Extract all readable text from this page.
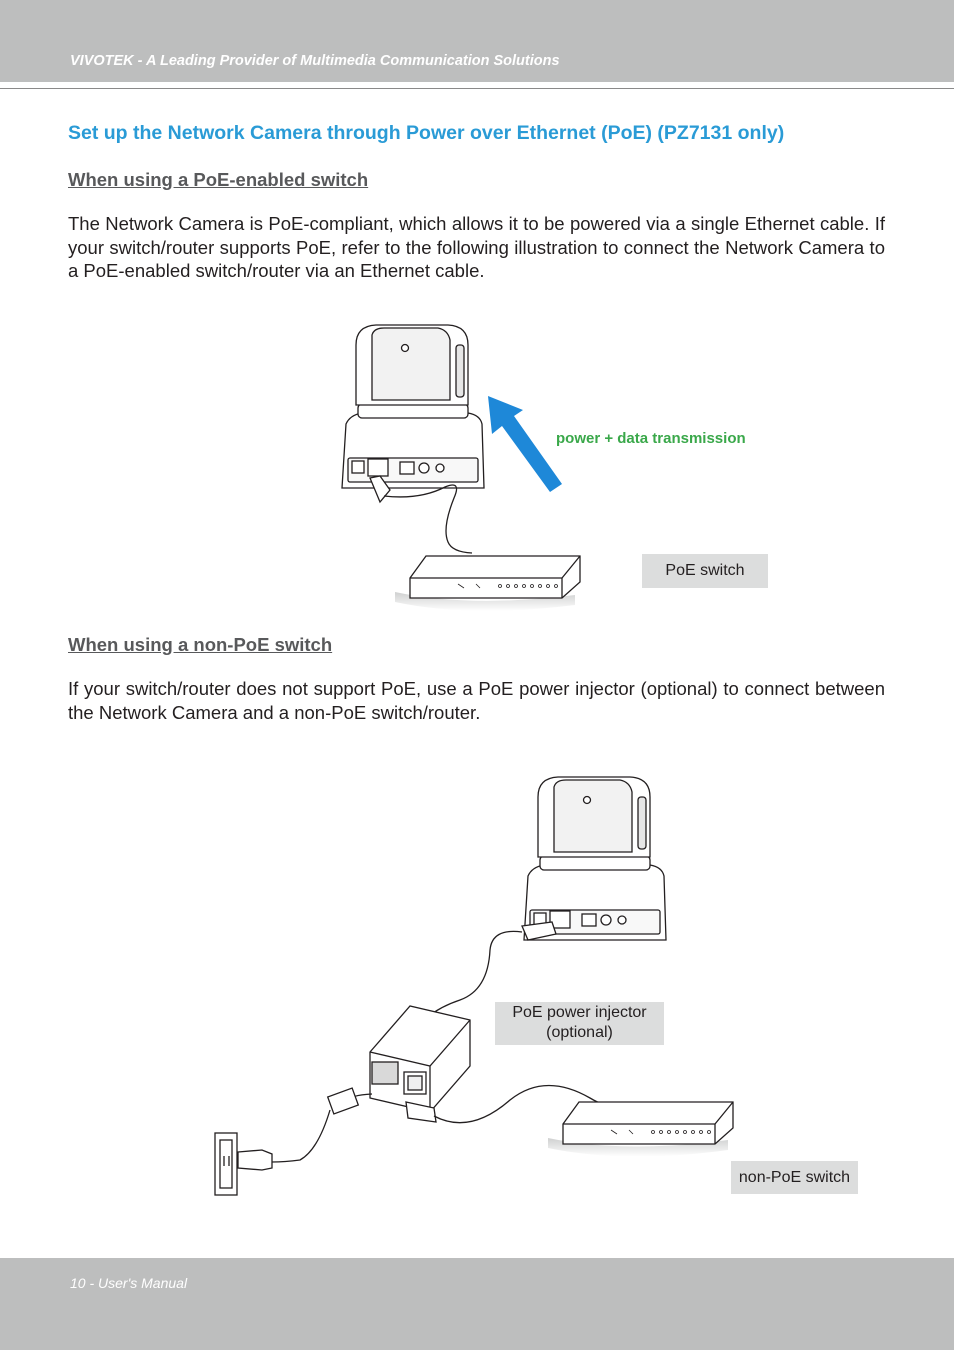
VIVOTEK - A Leading Provider of Multimedia Communication Solutions
Set up the Network Camera through Power over Ethernet (PoE) (PZ7131 only)

When using a PoE-enabled switch

The Network Camera is PoE-compliant, which allows it to be powered via a single Ethernet cable. If your switch/router supports PoE, refer to the following illustration to connect the Network Camera to a PoE-enabled switch/router via an Ethernet cable.

When using a non-PoE switch

If your switch/router does not support PoE, use a PoE power injector (optional) to connect between the Network Camera and a non-PoE switch/router.

power + data transmission
PoE switch
PoE power injector
(optional)
non-PoE switch
10 - User's Manual
